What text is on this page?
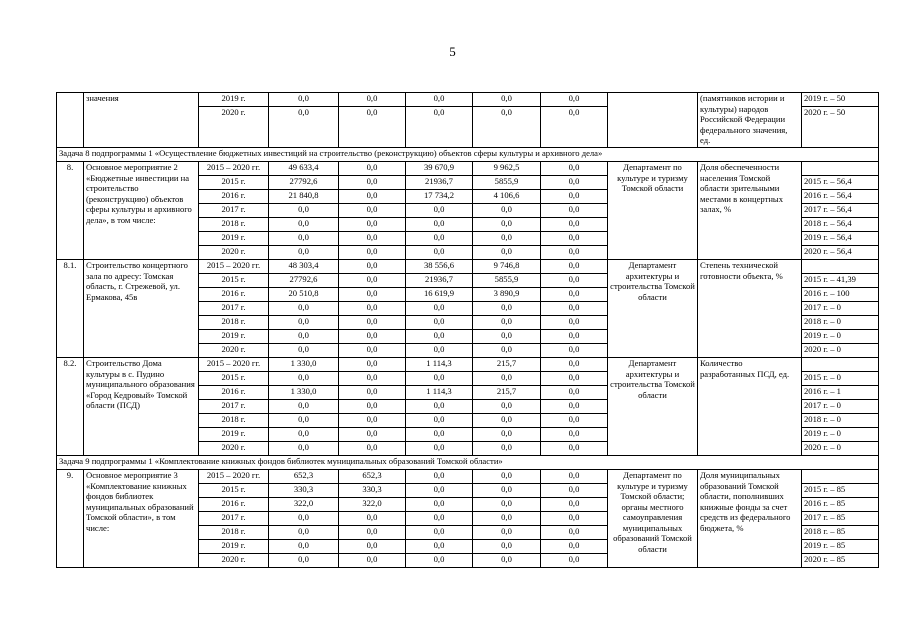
5
	значения	2019 г.	0,0	0,0	0,0	0,0	0,0		(памятников истории и культуры) народов Российской Федерации федерального значения, ед.	2019 г. – 50
		2020 г.	0,0	0,0	0,0	0,0	0,0			2020 г. – 50
Задача 8 подпрограммы 1 «Осуществление бюджетных инвестиций на строительство (реконструкцию) объектов сферы культуры и архивного дела»										
8.	Основное мероприятие 2 «Бюджетные инвестиции на строительство (реконструкцию) объектов сферы культуры и архивного дела», в том числе:	2015 – 2020 гг.	49 633,4	0,0	39 670,9	9 962,5	0,0	Департамент по культуре и туризму Томской области	Доля обеспеченности населения Томской области зрительными местами в концертных залах, %	
		2015 г.	27792,6	0,0	21936,7	5855,9	0,0			2015 г. – 56,4
		2016 г.	21 840,8	0,0	17 734,2	4 106,6	0,0			2016 г. – 56,4
		2017 г.	0,0	0,0	0,0	0,0	0,0			2017 г. – 56,4
		2018 г.	0,0	0,0	0,0	0,0	0,0			2018 г. – 56,4
		2019 г.	0,0	0,0	0,0	0,0	0,0			2019 г. – 56,4
		2020 г.	0,0	0,0	0,0	0,0	0,0			2020 г. – 56,4
8.1.	Строительство концертного зала по адресу: Томская область, г. Стрежевой, ул. Ермакова, 45в	2015 – 2020 гг.	48 303,4	0,0	38 556,6	9 746,8	0,0	Департамент архитектуры и строительства Томской области	Степень технической готовности объекта, %	
		2015 г.	27792,6	0,0	21936,7	5855,9	0,0			2015 г. – 41,39
		2016 г.	20 510,8	0,0	16 619,9	3 890,9	0,0			2016 г. – 100
		2017 г.	0,0	0,0	0,0	0,0	0,0			2017 г. – 0
		2018 г.	0,0	0,0	0,0	0,0	0,0			2018 г. – 0
		2019 г.	0,0	0,0	0,0	0,0	0,0			2019 г. – 0
		2020 г.	0,0	0,0	0,0	0,0	0,0			2020 г. – 0
8.2.	Строительство Дома культуры в с. Пудино муниципального образования «Город Кедровый» Томской области (ПСД)	2015 – 2020 гг.	1 330,0	0,0	1 114,3	215,7	0,0	Департамент архитектуры и строительства Томской области	Количество разработанных ПСД, ед.	
		2015 г.	0,0	0,0	0,0	0,0	0,0			2015 г. – 0
		2016 г.	1 330,0	0,0	1 114,3	215,7	0,0			2016 г. – 1
		2017 г.	0,0	0,0	0,0	0,0	0,0			2017 г. – 0
		2018 г.	0,0	0,0	0,0	0,0	0,0			2018 г. – 0
		2019 г.	0,0	0,0	0,0	0,0	0,0			2019 г. – 0
		2020 г.	0,0	0,0	0,0	0,0	0,0			2020 г. – 0
Задача 9 подпрограммы 1 «Комплектование книжных фондов библиотек муниципальных образований Томской области»										
9.	Основное мероприятие 3 «Комплектование книжных фондов библиотек муниципальных образований Томской области», в том числе:	2015 – 2020 гг.	652,3	652,3	0,0	0,0	0,0	Департамент по культуре и туризму Томской области; органы местного самоуправления муниципальных образований Томской области	Доля муниципальных образований Томской области, пополнивших книжные фонды за счет средств из федерального бюджета, %	
		2015 г.	330,3	330,3	0,0	0,0	0,0			2015 г. – 85
		2016 г.	322,0	322,0	0,0	0,0	0,0			2016 г. – 85
		2017 г.	0,0	0,0	0,0	0,0	0,0			2017 г. – 85
		2018 г.	0,0	0,0	0,0	0,0	0,0			2018 г. – 85
		2019 г.	0,0	0,0	0,0	0,0	0,0			2019 г. – 85
		2020 г.	0,0	0,0	0,0	0,0	0,0			2020 г. – 85
